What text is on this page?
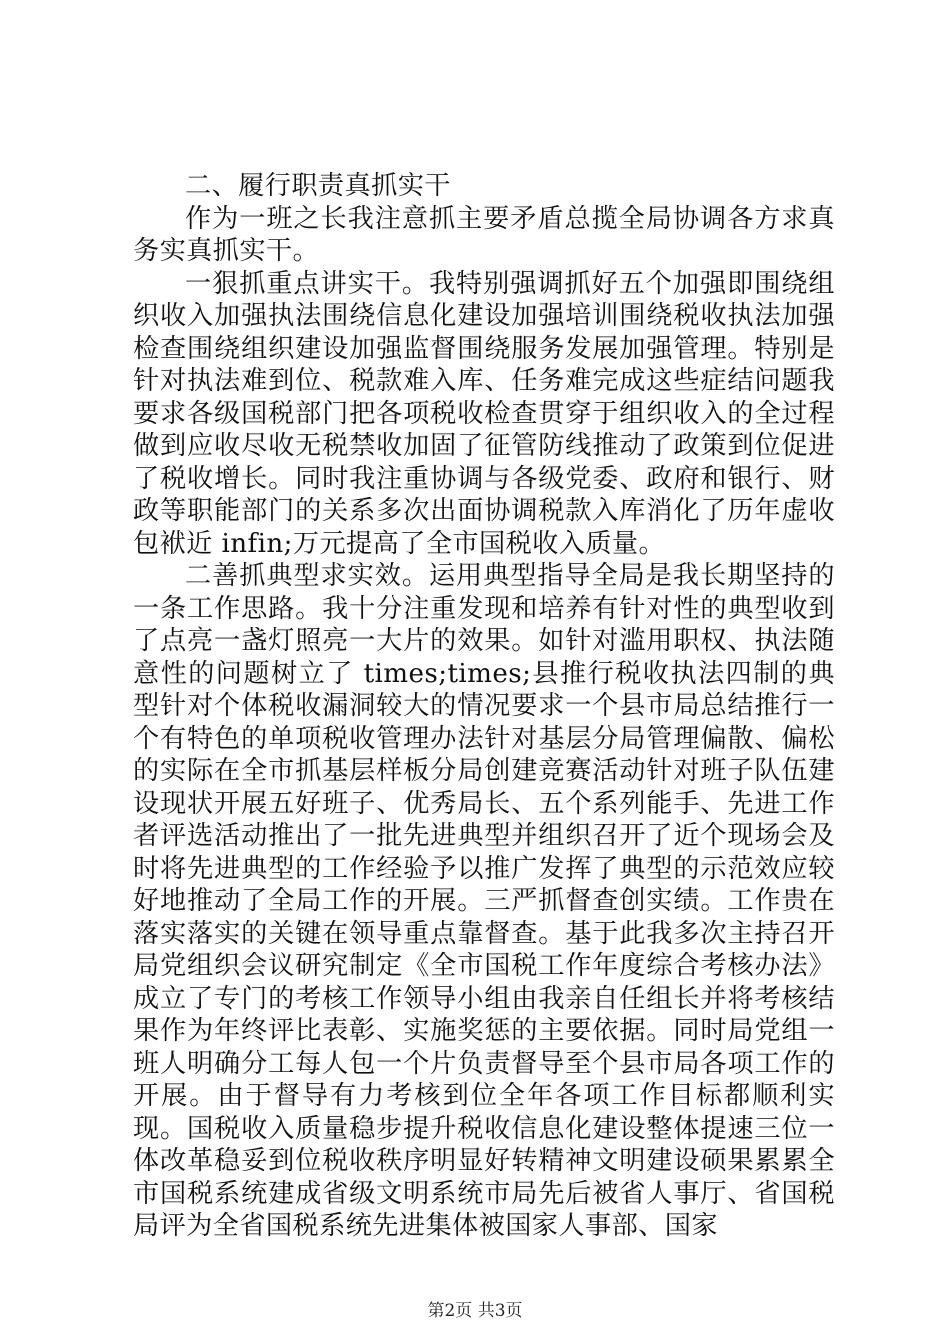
二、履行职责真抓实干

作为一班之长我注意抓主要矛盾总揽全局协调各方求真务实真抓实干。

一狠抓重点讲实干。我特别强调抓好五个加强即围绕组织收入加强执法围绕信息化建设加强培训围绕税收执法加强检查围绕组织建设加强监督围绕服务发展加强管理。特别是针对执法难到位、税款难入库、任务难完成这些症结问题我要求各级国税部门把各项税收检查贯穿于组织收入的全过程做到应收尽收无税禁收加固了征管防线推动了政策到位促进了税收增长。同时我注重协调与各级党委、政府和银行、财政等职能部门的关系多次出面协调税款入库消化了历年虚收包袱近 infin;万元提高了全市国税收入质量。

二善抓典型求实效。运用典型指导全局是我长期坚持的一条工作思路。我十分注重发现和培养有针对性的典型收到了点亮一盏灯照亮一大片的效果。如针对滥用职权、执法随意性的问题树立了 times;times;县推行税收执法四制的典型针对个体税收漏洞较大的情况要求一个县市局总结推行一个有特色的单项税收管理办法针对基层分局管理偏散、偏松的实际在全市抓基层样板分局创建竞赛活动针对班子队伍建设现状开展五好班子、优秀局长、五个系列能手、先进工作者评选活动推出了一批先进典型并组织召开了近个现场会及时将先进典型的工作经验予以推广发挥了典型的示范效应较好地推动了全局工作的开展。三严抓督查创实绩。工作贵在落实落实的关键在领导重点靠督查。基于此我多次主持召开局党组织会议研究制定《全市国税工作年度综合考核办法》成立了专门的考核工作领导小组由我亲自任组长并将考核结果作为年终评比表彰、实施奖惩的主要依据。同时局党组一班人明确分工每人包一个片负责督导至个县市局各项工作的开展。由于督导有力考核到位全年各项工作目标都顺利实现。国税收入质量稳步提升税收信息化建设整体提速三位一体改革稳妥到位税收秩序明显好转精神文明建设硕果累累全市国税系统建成省级文明系统市局先后被省人事厅、省国税局评为全省国税系统先进集体被国家人事部、国家

第2页 共3页
